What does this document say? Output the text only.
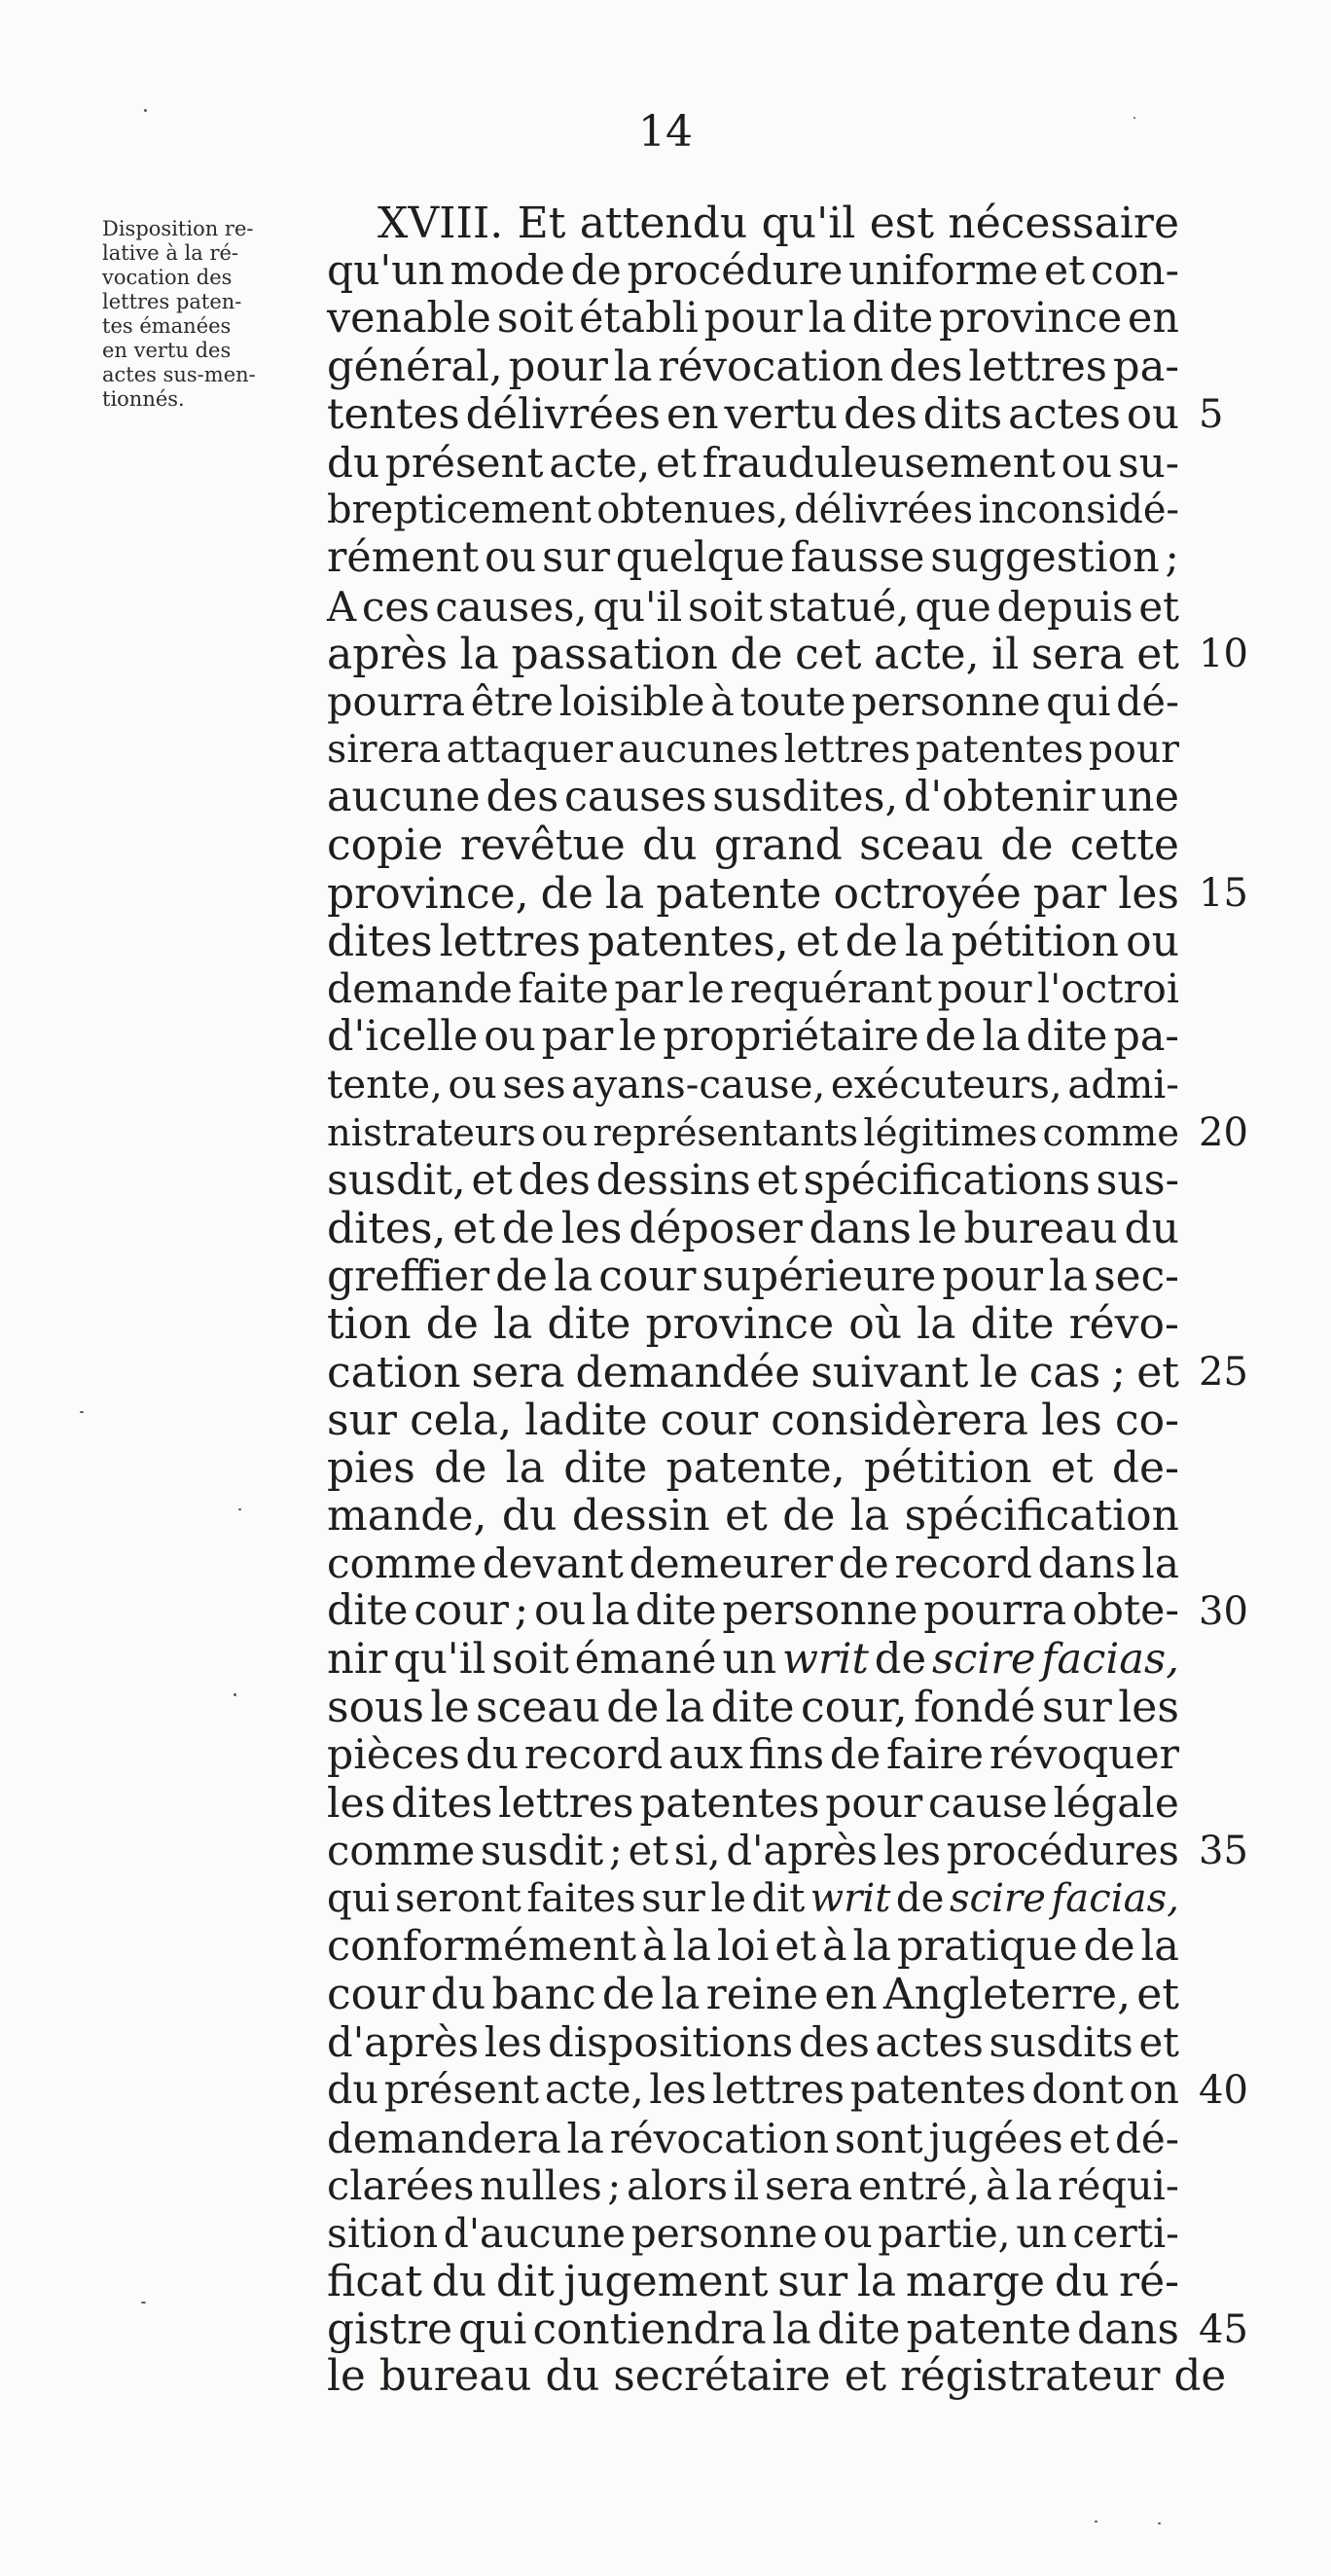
14
Disposition re-
lative à la ré-
vocation des
lettres paten-
tes émanées
en vertu des
actes sus-men-
tionnés.
XVIII. Et attendu qu'il est nécessaire
qu'un mode de procédure uniforme et con-
venable soit établi pour la dite province en
général, pour la révocation des lettres pa-
tentes délivrées en vertu des dits actes ou
du présent acte, et frauduleusement ou su-
brepticement obtenues, délivrées inconsidé-
rément ou sur quelque fausse suggestion ;
A ces causes, qu'il soit statué, que depuis et
après la passation de cet acte, il sera et
pourra être loisible à toute personne qui dé-
sirera attaquer aucunes lettres patentes pour
aucune des causes susdites, d'obtenir une
copie revêtue du grand sceau de cette
province, de la patente octroyée par les
dites lettres patentes, et de la pétition ou
demande faite par le requérant pour l'octroi
d'icelle ou par le propriétaire de la dite pa-
tente, ou ses ayans-cause, exécuteurs, admi-
nistrateurs ou représentants légitimes comme
susdit, et des dessins et spécifications sus-
dites, et de les déposer dans le bureau du
greffier de la cour supérieure pour la sec-
tion de la dite province où la dite révo-
cation sera demandée suivant le cas ; et
sur cela, ladite cour considèrera les co-
pies de la dite patente, pétition et de-
mande, du dessin et de la spécification
comme devant demeurer de record dans la
dite cour ; ou la dite personne pourra obte-
nir qu'il soit émané un writ de scire facias,
sous le sceau de la dite cour, fondé sur les
pièces du record aux fins de faire révoquer
les dites lettres patentes pour cause légale
comme susdit ; et si, d'après les procédures
qui seront faites sur le dit writ de scire facias,
conformément à la loi et à la pratique de la
cour du banc de la reine en Angleterre, et
d'après les dispositions des actes susdits et
du présent acte, les lettres patentes dont on
demandera la révocation sont jugées et dé-
clarées nulles ; alors il sera entré, à la réqui-
sition d'aucune personne ou partie, un certi-
ficat du dit jugement sur la marge du ré-
gistre qui contiendra la dite patente dans
le bureau du secrétaire et régistrateur de
5
10
15
20
25
30
35
40
45
